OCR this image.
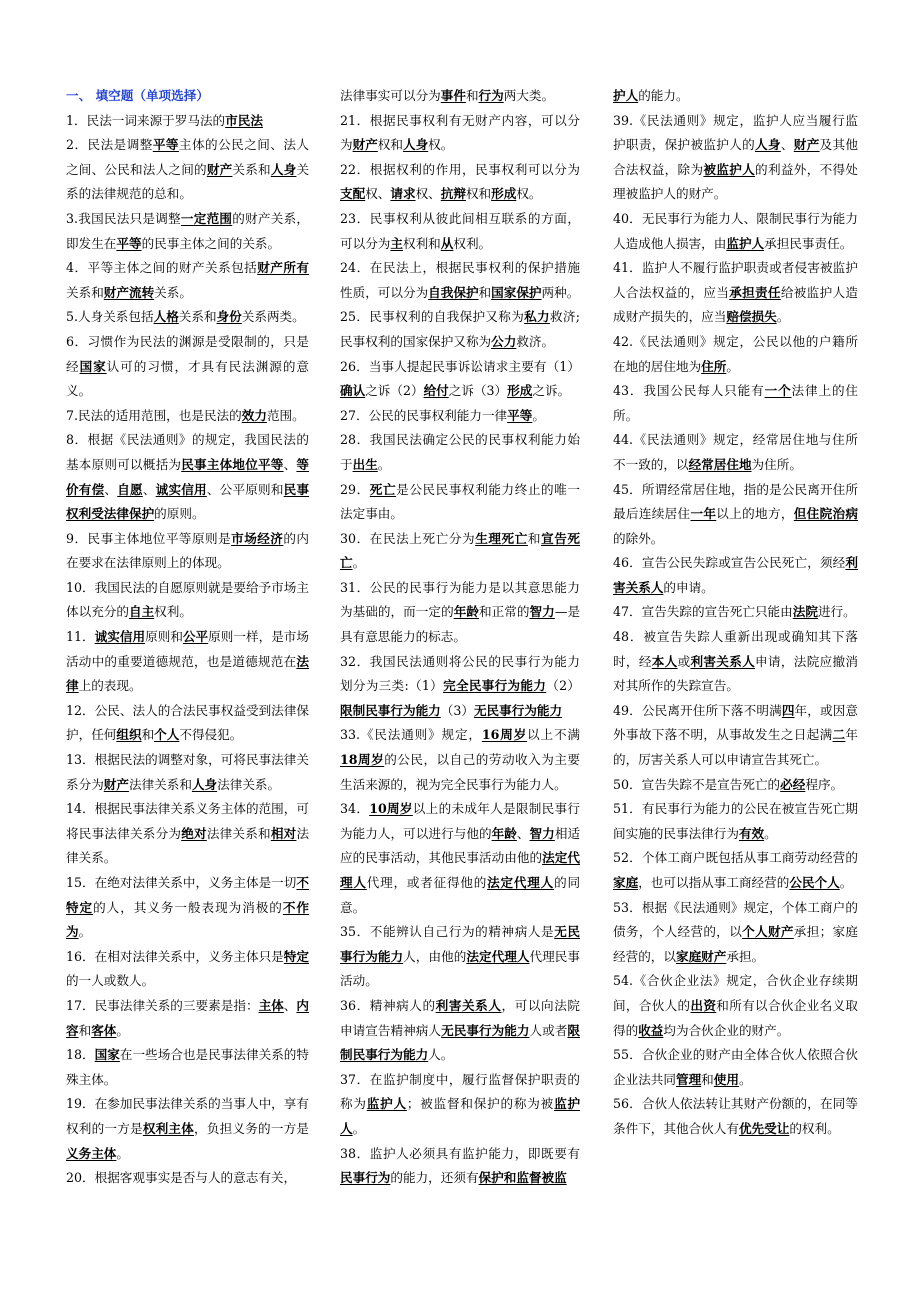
一、 填空题（单项选择）

1．民法一词来源于罗马法的市民法

2．民法是调整平等主体的公民之间、法人之间、公民和法人之间的财产关系和人身关系的法律规范的总和。

3.我国民法只是调整一定范围的财产关系，即发生在平等的民事主体之间的关系。

4．平等主体之间的财产关系包括财产所有关系和财产流转关系。

5.人身关系包括人格关系和身份关系两类。

6．习惯作为民法的渊源是受限制的，只是经国家认可的习惯，才具有民法渊源的意义。

7.民法的适用范围，也是民法的效力范围。

8．根据《民法通则》的规定，我国民法的基本原则可以概括为民事主体地位平等、等价有偿、自愿、诚实信用、公平原则和民事权利受法律保护的原则。

9．民事主体地位平等原则是市场经济的内在要求在法律原则上的体现。

10．我国民法的自愿原则就是要给予市场主体以充分的自主权利。

11．诚实信用原则和公平原则一样，是市场活动中的重要道德规范，也是道德规范在法律上的表现。

12．公民、法人的合法民事权益受到法律保护，任何组织和个人不得侵犯。

13．根据民法的调整对象，可将民事法律关系分为财产法律关系和人身法律关系。

14．根据民事法律关系义务主体的范围，可将民事法律关系分为绝对法律关系和相对法律关系。

15．在绝对法律关系中，义务主体是一切不特定的人，其义务一般表现为消极的不作为。

16．在相对法律关系中，义务主体只是特定的一人或数人。

17．民事法律关系的三要素是指：主体、内容和客体。

18．国家在一些场合也是民事法律关系的特殊主体。

19．在参加民事法律关系的当事人中，享有权利的一方是权利主体，负担义务的一方是义务主体。

20．根据客观事实是否与人的意志有关，

法律事实可以分为事件和行为两大类。

21．根据民事权利有无财产内容，可以分为财产权和人身权。

22．根据权利的作用，民事权利可以分为支配权、请求权、抗辩权和形成权。

23．民事权利从彼此间相互联系的方面，可以分为主权利和从权利。

24．在民法上，根据民事权利的保护措施性质，可以分为自我保护和国家保护两种。

25．民事权利的自我保护又称为私力救济;民事权利的国家保护又称为公力救济。

26．当事人提起民事诉讼请求主要有（1）确认之诉（2）给付之诉（3）形成之诉。

27．公民的民事权利能力一律平等。

28．我国民法确定公民的民事权利能力始于出生。

29．死亡是公民民事权利能力终止的唯一法定事由。

30．在民法上死亡分为生理死亡和宣告死亡。

31．公民的民事行为能力是以其意思能力为基础的，而一定的年龄和正常的智力—是具有意思能力的标志。

32．我国民法通则将公民的民事行为能力划分为三类:（1）完全民事行为能力（2）限制民事行为能力（3）无民事行为能力

33.《民法通则》规定，16周岁以上不满18周岁的公民，以自己的劳动收入为主要生活来源的，视为完全民事行为能力人。

34．10周岁以上的未成年人是限制民事行为能力人，可以进行与他的年龄、智力相适应的民事活动，其他民事活动由他的法定代理人代理，或者征得他的法定代理人的同意。

35．不能辨认自己行为的精神病人是无民事行为能力人，由他的法定代理人代理民事活动。

36．精神病人的利害关系人，可以向法院申请宣告精神病人无民事行为能力人或者限制民事行为能力人。

37．在监护制度中，履行监督保护职责的称为监护人；被监督和保护的称为被监护人。

38．监护人必须具有监护能力，即既要有民事行为的能力，还须有保护和监督被监

护人的能力。

39.《民法通则》规定，监护人应当履行监护职责，保护被监护人的人身、财产及其他合法权益，除为被监护人的利益外，不得处理被监护人的财产。

40．无民事行为能力人、限制民事行为能力人造成他人损害，由监护人承担民事责任。

41．监护人不履行监护职责或者侵害被监护人合法权益的，应当承担责任给被监护人造成财产损失的，应当赔偿损失。

42.《民法通则》规定，公民以他的户籍所在地的居住地为住所。

43．我国公民每人只能有一个法律上的住所。

44.《民法通则》规定，经常居住地与住所不一致的，以经常居住地为住所。

45．所谓经常居住地，指的是公民离开住所最后连续居住一年以上的地方，但住院治病的除外。

46．宣告公民失踪或宣告公民死亡，须经利害关系人的申请。

47．宣告失踪的宣告死亡只能由法院进行。

48．被宣告失踪人重新出现或确知其下落时，经本人或利害关系人申请，法院应撤消对其所作的失踪宣告。

49．公民离开住所下落不明满四年，或因意外事故下落不明，从事故发生之日起满二年的，厉害关系人可以申请宣告其死亡。

50．宣告失踪不是宣告死亡的必经程序。

51．有民事行为能力的公民在被宣告死亡期间实施的民事法律行为有效。

52．个体工商户既包括从事工商劳动经营的家庭，也可以指从事工商经营的公民个人。

53．根据《民法通则》规定，个体工商户的债务，个人经营的，以个人财产承担；家庭经营的，以家庭财产承担。

54.《合伙企业法》规定，合伙企业存续期间，合伙人的出资和所有以合伙企业名义取得的收益均为合伙企业的财产。

55．合伙企业的财产由全体合伙人依照合伙企业法共同管理和使用。

56．合伙人依法转让其财产份额的，在同等条件下，其他合伙人有优先受让的权利。
